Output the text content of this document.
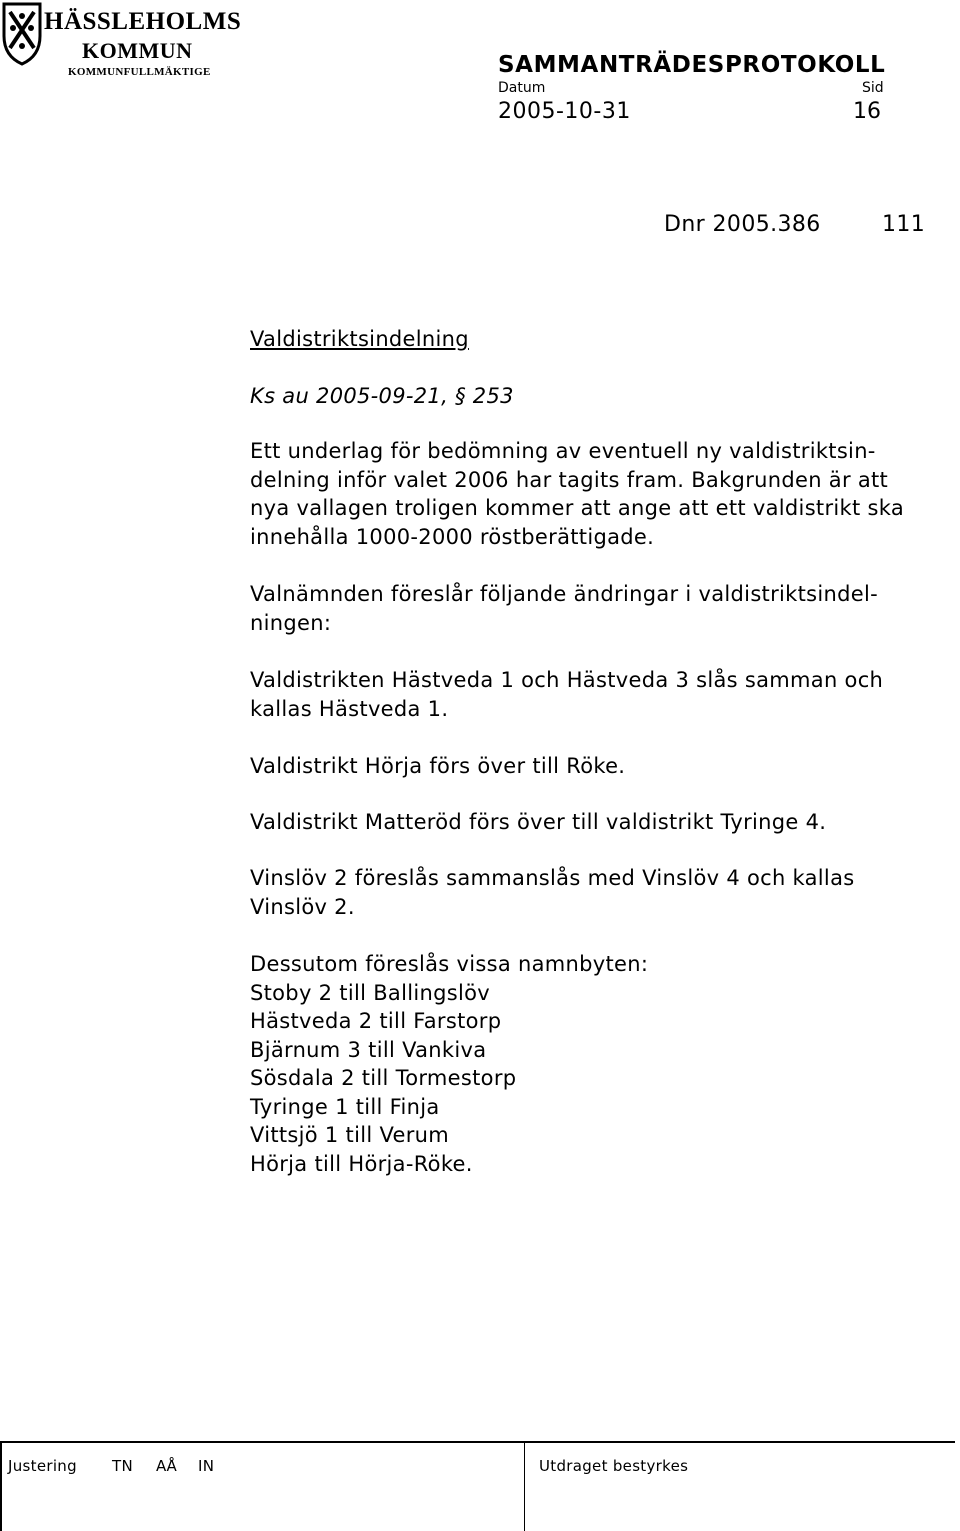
HÄSSLEHOLMS
KOMMUN
KOMMUNFULLMÄKTIGE	SAMMANTRÄDESPROTOKOLL
Datum	Sid
2005-10-31	16
Dnr 2005.386	111
Valdistriktsindelning
Ks au 2005-09-21, § 253
Ett underlag för bedömning av eventuell ny valdistriktsin-
delning inför valet 2006 har tagits fram. Bakgrunden är att
nya vallagen troligen kommer att ange att ett valdistrikt ska
innehålla 1000-2000 röstberättigade.
Valnämnden föreslår följande ändringar i valdistriktsindel-
ningen:
Valdistrikten Hästveda 1 och Hästveda 3 slås samman och
kallas Hästveda 1.
Valdistrikt Hörja förs över till Röke.
Valdistrikt Matteröd förs över till valdistrikt Tyringe 4.
Vinslöv 2 föreslås sammanslås med Vinslöv 4 och kallas
Vinslöv 2.
Dessutom föreslås vissa namnbyten:
Stoby 2 till Ballingslöv
Hästveda 2 till Farstorp
Bjärnum 3 till Vankiva
Sösdala 2 till Tormestorp
Tyringe 1 till Finja
Vittsjö 1 till Verum
Hörja till Hörja-Röke.
Justering TN AÅ IN	Utdraget bestyrkes
